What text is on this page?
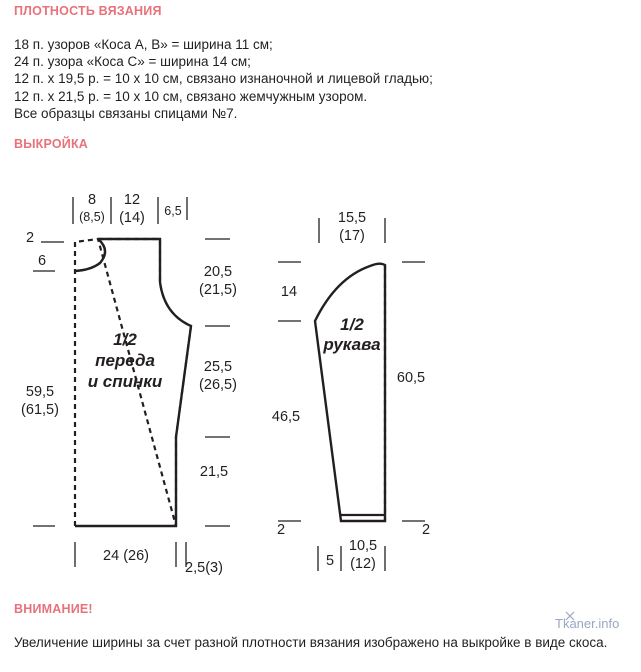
ПЛОТНОСТЬ ВЯЗАНИЯ
18 п. узоров «Коса А, В» = ширина 11 см;
24 п. узора «Коса С» = ширина 14 см;
12 п. х 19,5 р. = 10 х 10 см, связано изнаночной и лицевой гладью;
12 п. х 21,5 р. = 10 х 10 см, связано жемчужным узором.
Все образцы связаны спицами №7.
ВЫКРОЙКА
8
(8,5)
12
(14) 6,5
2
6
20,5
(21,5)
25,5
(26,5)
21,5
59,5
(61,5)
1/2
переда
и спинки
24 (26)
2,5(3)
15,5
(17)
14
46,5
2
60,5
2
1/2
рукава
5
10,5
(12)
Tkaner.info
ВНИМАНИЕ!
Увеличение ширины за счет разной плотности вязания изображено на выкройке в виде скоса.
